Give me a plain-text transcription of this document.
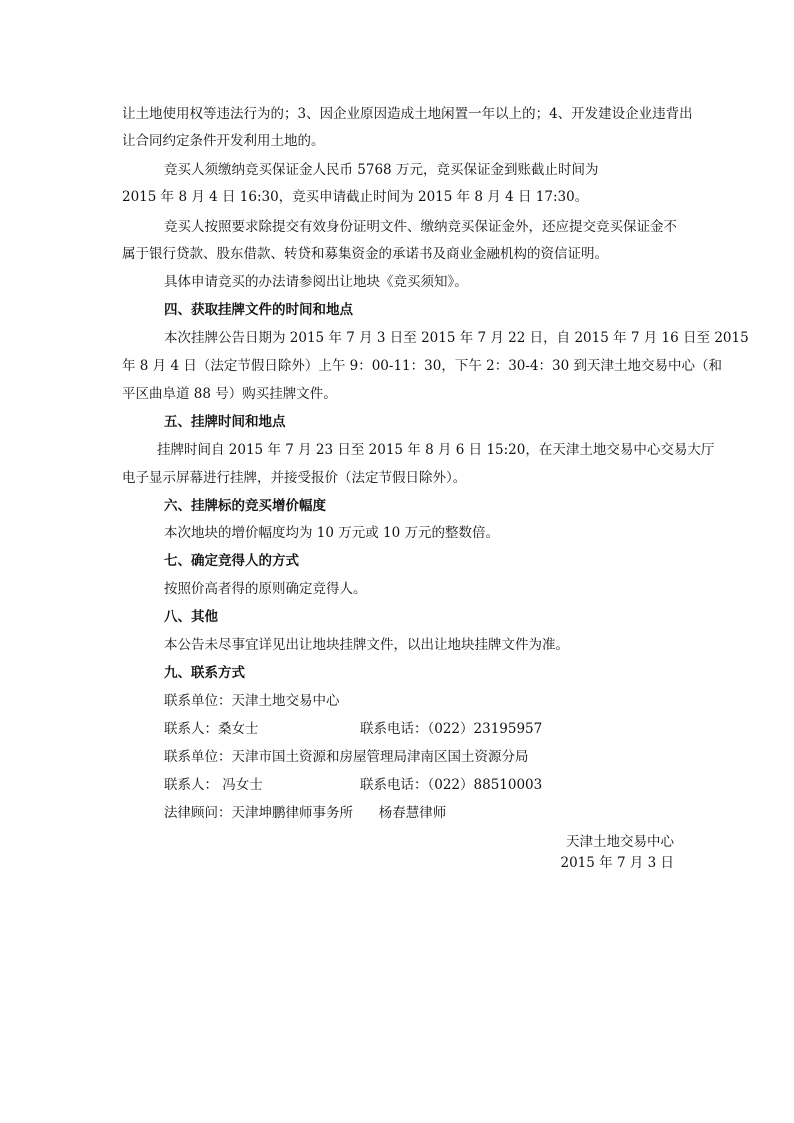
让土地使用权等违法行为的；3、因企业原因造成土地闲置一年以上的；4、开发建设企业违背出
让合同约定条件开发利用土地的。
竞买人须缴纳竞买保证金人民币 5768 万元，竞买保证金到账截止时间为
2015 年 8 月 4 日 16:30，竞买申请截止时间为 2015 年 8 月 4 日 17:30。
竞买人按照要求除提交有效身份证明文件、缴纳竞买保证金外，还应提交竞买保证金不
属于银行贷款、股东借款、转贷和募集资金的承诺书及商业金融机构的资信证明。
具体申请竞买的办法请参阅出让地块《竞买须知》。
四、获取挂牌文件的时间和地点
本次挂牌公告日期为 2015 年 7 月 3 日至 2015 年 7 月 22 日，自 2015 年 7 月 16 日至 2015
年 8 月 4 日（法定节假日除外）上午 9：00-11：30，下午 2：30-4：30 到天津土地交易中心（和
平区曲阜道 88 号）购买挂牌文件。
五、挂牌时间和地点
挂牌时间自 2015 年 7 月 23 日至 2015 年 8 月 6 日 15:20，在天津土地交易中心交易大厅
电子显示屏幕进行挂牌，并接受报价（法定节假日除外）。
六、挂牌标的竞买增价幅度
本次地块的增价幅度均为 10 万元或 10 万元的整数倍。
七、确定竞得人的方式
按照价高者得的原则确定竞得人。
八、其他
本公告未尽事宜详见出让地块挂牌文件，以出让地块挂牌文件为准。
九、联系方式
联系单位：天津土地交易中心
联系人：桑女士	联系电话：（022）23195957
联系单位：天津市国土资源和房屋管理局津南区国土资源分局
联系人： 冯女士	联系电话：（022）88510003
法律顾问：天津坤鹏律师事务所      杨春慧律师
天津土地交易中心
2015 年 7 月 3 日
